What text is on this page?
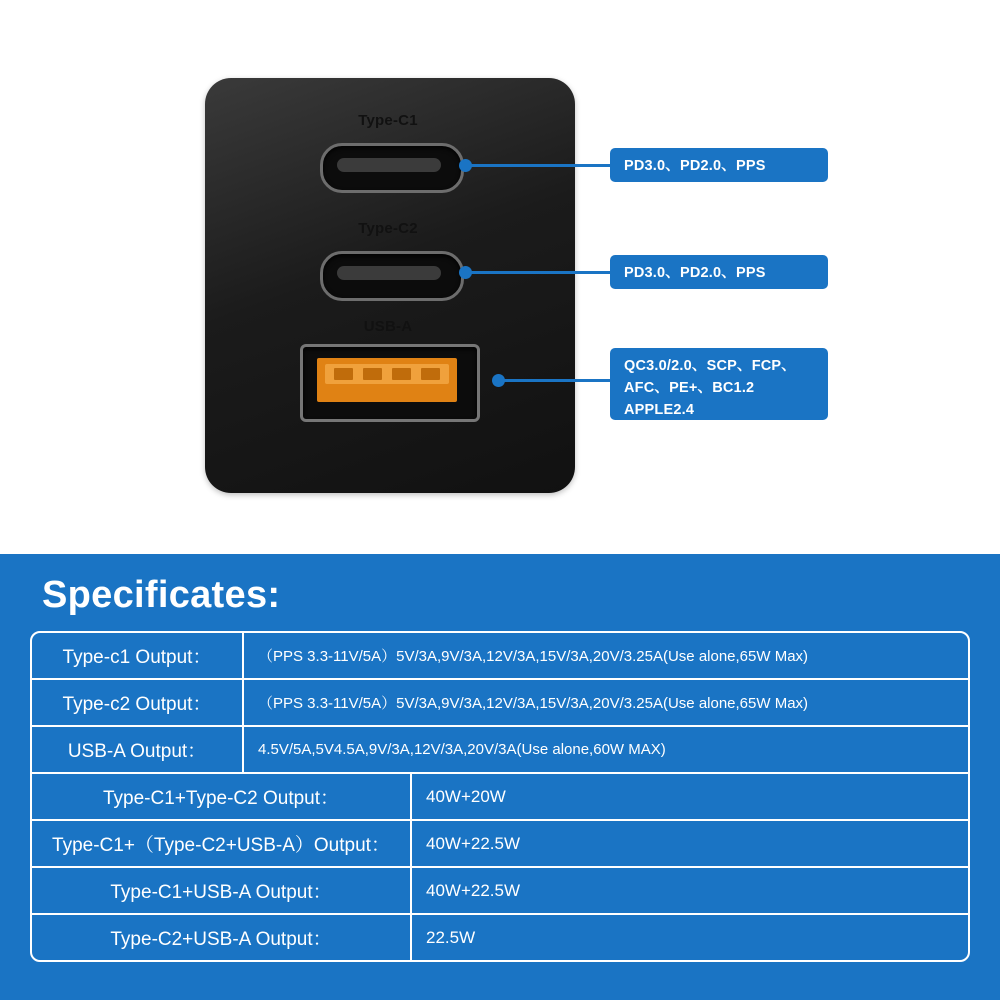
Type-C1
Type-C2
USB-A
PD3.0、PD2.0、PPS
PD3.0、PD2.0、PPS
QC3.0/2.0、SCP、FCP、AFC、PE+、BC1.2 APPLE2.4
Specificates:
Type-c1 Output：	（PPS 3.3-11V/5A）5V/3A,9V/3A,12V/3A,15V/3A,20V/3.25A(Use alone,65W Max)
Type-c2 Output：	（PPS 3.3-11V/5A）5V/3A,9V/3A,12V/3A,15V/3A,20V/3.25A(Use alone,65W Max)
USB-A Output：	4.5V/5A,5V4.5A,9V/3A,12V/3A,20V/3A(Use alone,60W MAX)
Type-C1+Type-C2 Output：	40W+20W
Type-C1+（Type-C2+USB-A）Output：	40W+22.5W
Type-C1+USB-A Output：	40W+22.5W
Type-C2+USB-A Output：	22.5W
